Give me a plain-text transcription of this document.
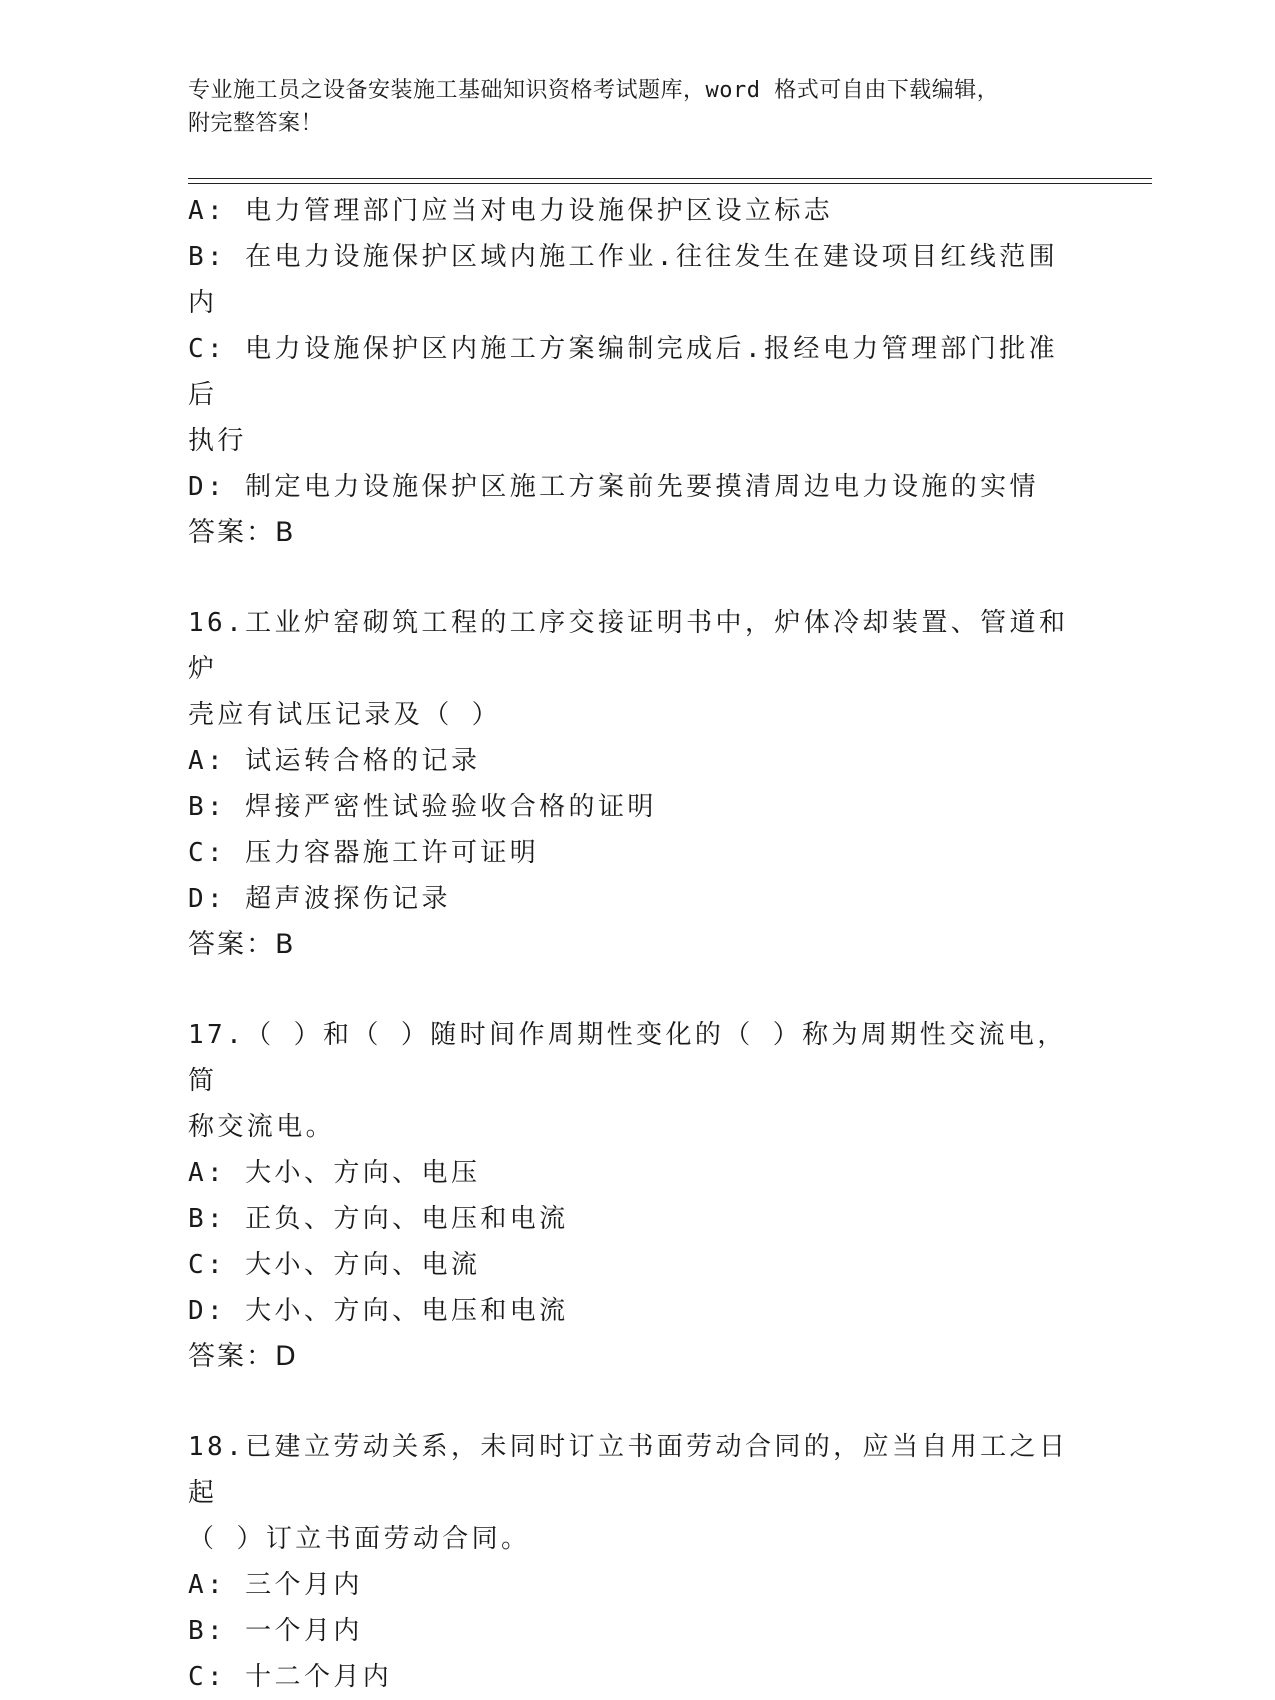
专业施工员之设备安装施工基础知识资格考试题库，word 格式可自由下载编辑，
附完整答案！
A: 电力管理部门应当对电力设施保护区设立标志
B: 在电力设施保护区域内施工作业.往往发生在建设项目红线范围内
C: 电力设施保护区内施工方案编制完成后.报经电力管理部门批准后
执行
D: 制定电力设施保护区施工方案前先要摸清周边电力设施的实情
答案：B
16.工业炉窑砌筑工程的工序交接证明书中，炉体冷却装置、管道和炉
壳应有试压记录及（ ）
A: 试运转合格的记录
B: 焊接严密性试验验收合格的证明
C: 压力容器施工许可证明
D: 超声波探伤记录
答案：B
17.（ ）和（ ）随时间作周期性变化的（ ）称为周期性交流电，简
称交流电。
A: 大小、方向、电压
B: 正负、方向、电压和电流
C: 大小、方向、电流
D: 大小、方向、电压和电流
答案：D
18.已建立劳动关系，未同时订立书面劳动合同的，应当自用工之日起
（ ）订立书面劳动合同。
A: 三个月内
B: 一个月内
C: 十二个月内
